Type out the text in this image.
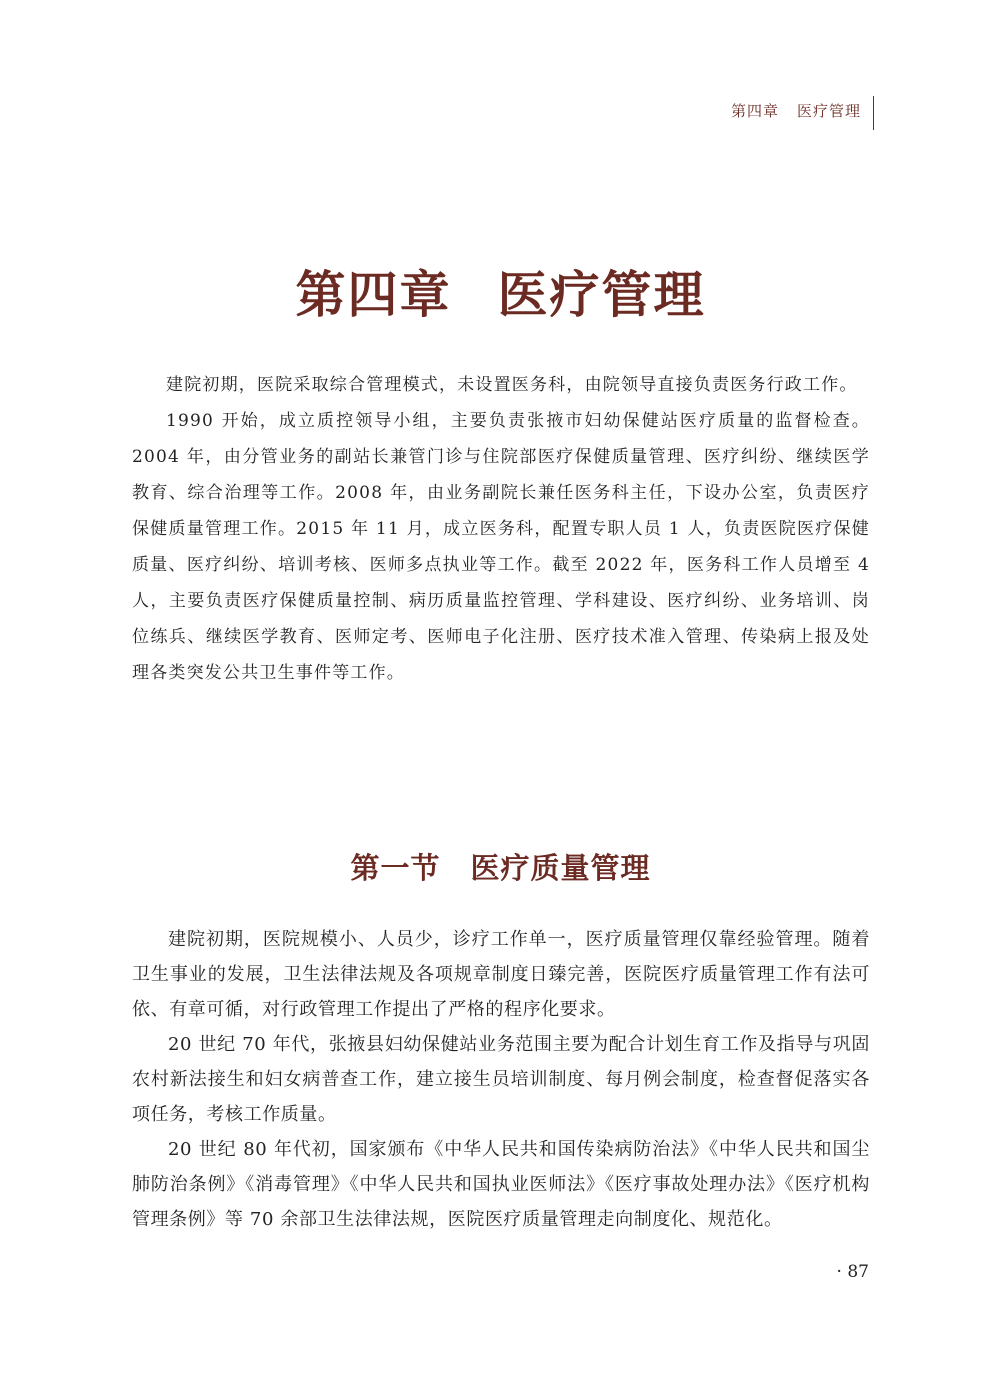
第四章 医疗管理
第四章 医疗管理

建院初期，医院采取综合管理模式，未设置医务科，由院领导直接负责医务行政工作。

1990 开始，成立质控领导小组，主要负责张掖市妇幼保健站医疗质量的监督检查。2004 年，由分管业务的副站长兼管门诊与住院部医疗保健质量管理、医疗纠纷、继续医学教育、综合治理等工作。2008 年，由业务副院长兼任医务科主任，下设办公室，负责医疗保健质量管理工作。2015 年 11 月，成立医务科，配置专职人员 1 人，负责医院医疗保健质量、医疗纠纷、培训考核、医师多点执业等工作。截至 2022 年，医务科工作人员增至 4 人，主要负责医疗保健质量控制、病历质量监控管理、学科建设、医疗纠纷、业务培训、岗位练兵、继续医学教育、医师定考、医师电子化注册、医疗技术准入管理、传染病上报及处理各类突发公共卫生事件等工作。

第一节 医疗质量管理

建院初期，医院规模小、人员少，诊疗工作单一，医疗质量管理仅靠经验管理。随着卫生事业的发展，卫生法律法规及各项规章制度日臻完善，医院医疗质量管理工作有法可依、有章可循，对行政管理工作提出了严格的程序化要求。

20 世纪 70 年代，张掖县妇幼保健站业务范围主要为配合计划生育工作及指导与巩固农村新法接生和妇女病普查工作，建立接生员培训制度、每月例会制度，检查督促落实各项任务，考核工作质量。

20 世纪 80 年代初，国家颁布《中华人民共和国传染病防治法》《中华人民共和国尘肺防治条例》《消毒管理》《中华人民共和国执业医师法》《医疗事故处理办法》《医疗机构管理条例》等 70 余部卫生法律法规，医院医疗质量管理走向制度化、规范化。

· 87
